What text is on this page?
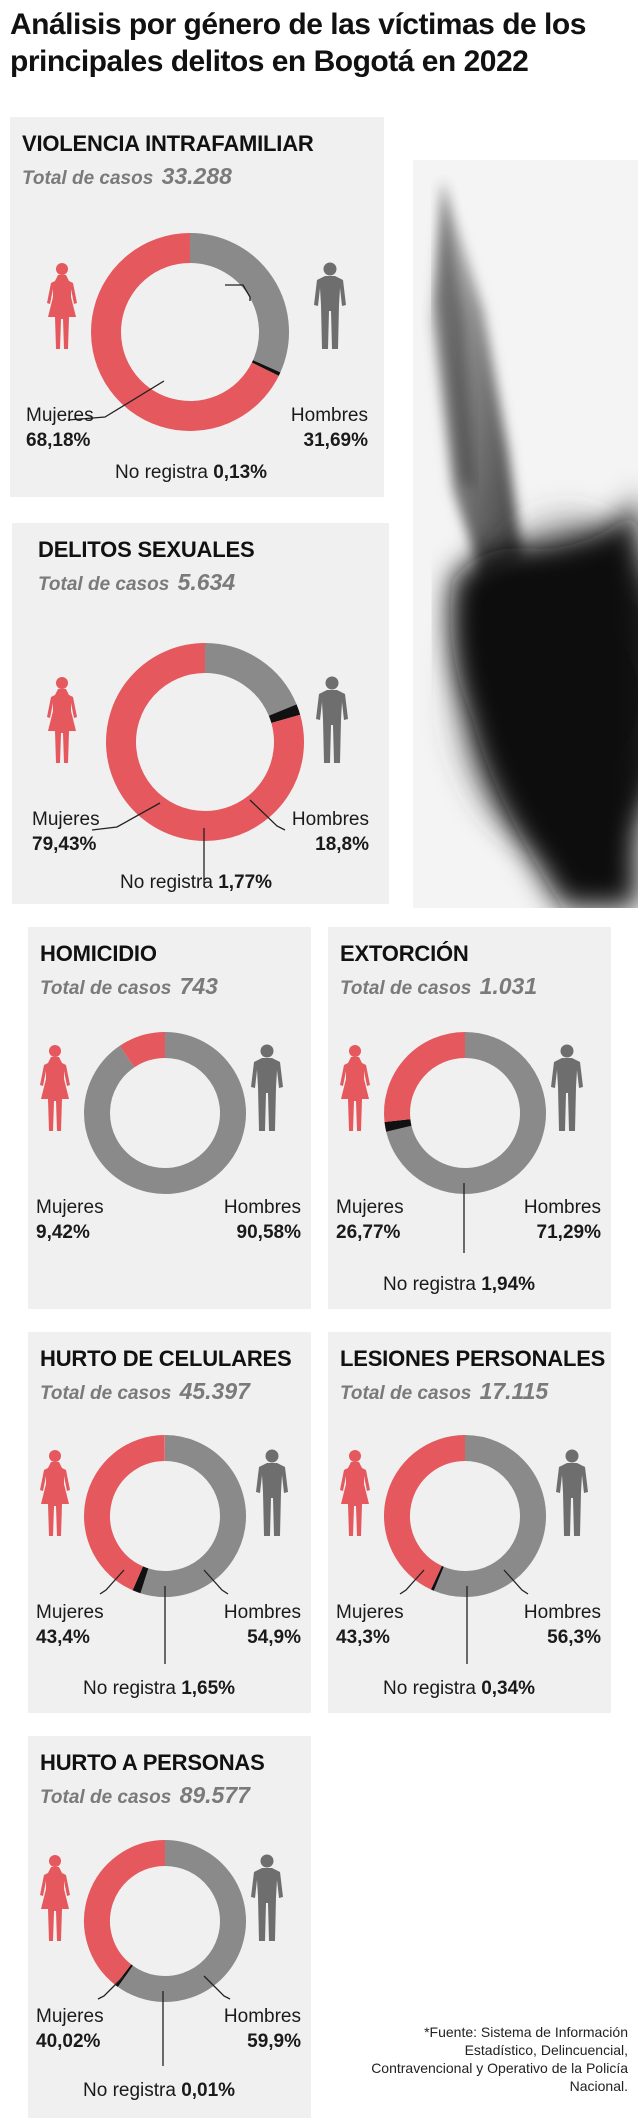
Análisis por género de las víctimas de los principales delitos en Bogotá en 2022
VIOLENCIA INTRAFAMILIAR
Total de casos 33.288
Mujeres
68,18%
Hombres
31,69%
No registra 0,13%
DELITOS SEXUALES
Total de casos 5.634
Mujeres
79,43%
Hombres
18,8%
No registra 1,77%
HOMICIDIO
Total de casos 743
Mujeres
9,42%
Hombres
90,58%
EXTORCIÓN
Total de casos 1.031
Mujeres
26,77%
Hombres
71,29%
No registra 1,94%
HURTO DE CELULARES
Total de casos 45.397
Mujeres
43,4%
Hombres
54,9%
No registra 1,65%
LESIONES PERSONALES
Total de casos 17.115
Mujeres
43,3%
Hombres
56,3%
No registra 0,34%
HURTO A PERSONAS
Total de casos 89.577
Mujeres
40,02%
Hombres
59,9%
No registra 0,01%
*Fuente: Sistema de Información Estadístico, Delincuencial, Contravencional y Operativo de la Policía Nacional.
